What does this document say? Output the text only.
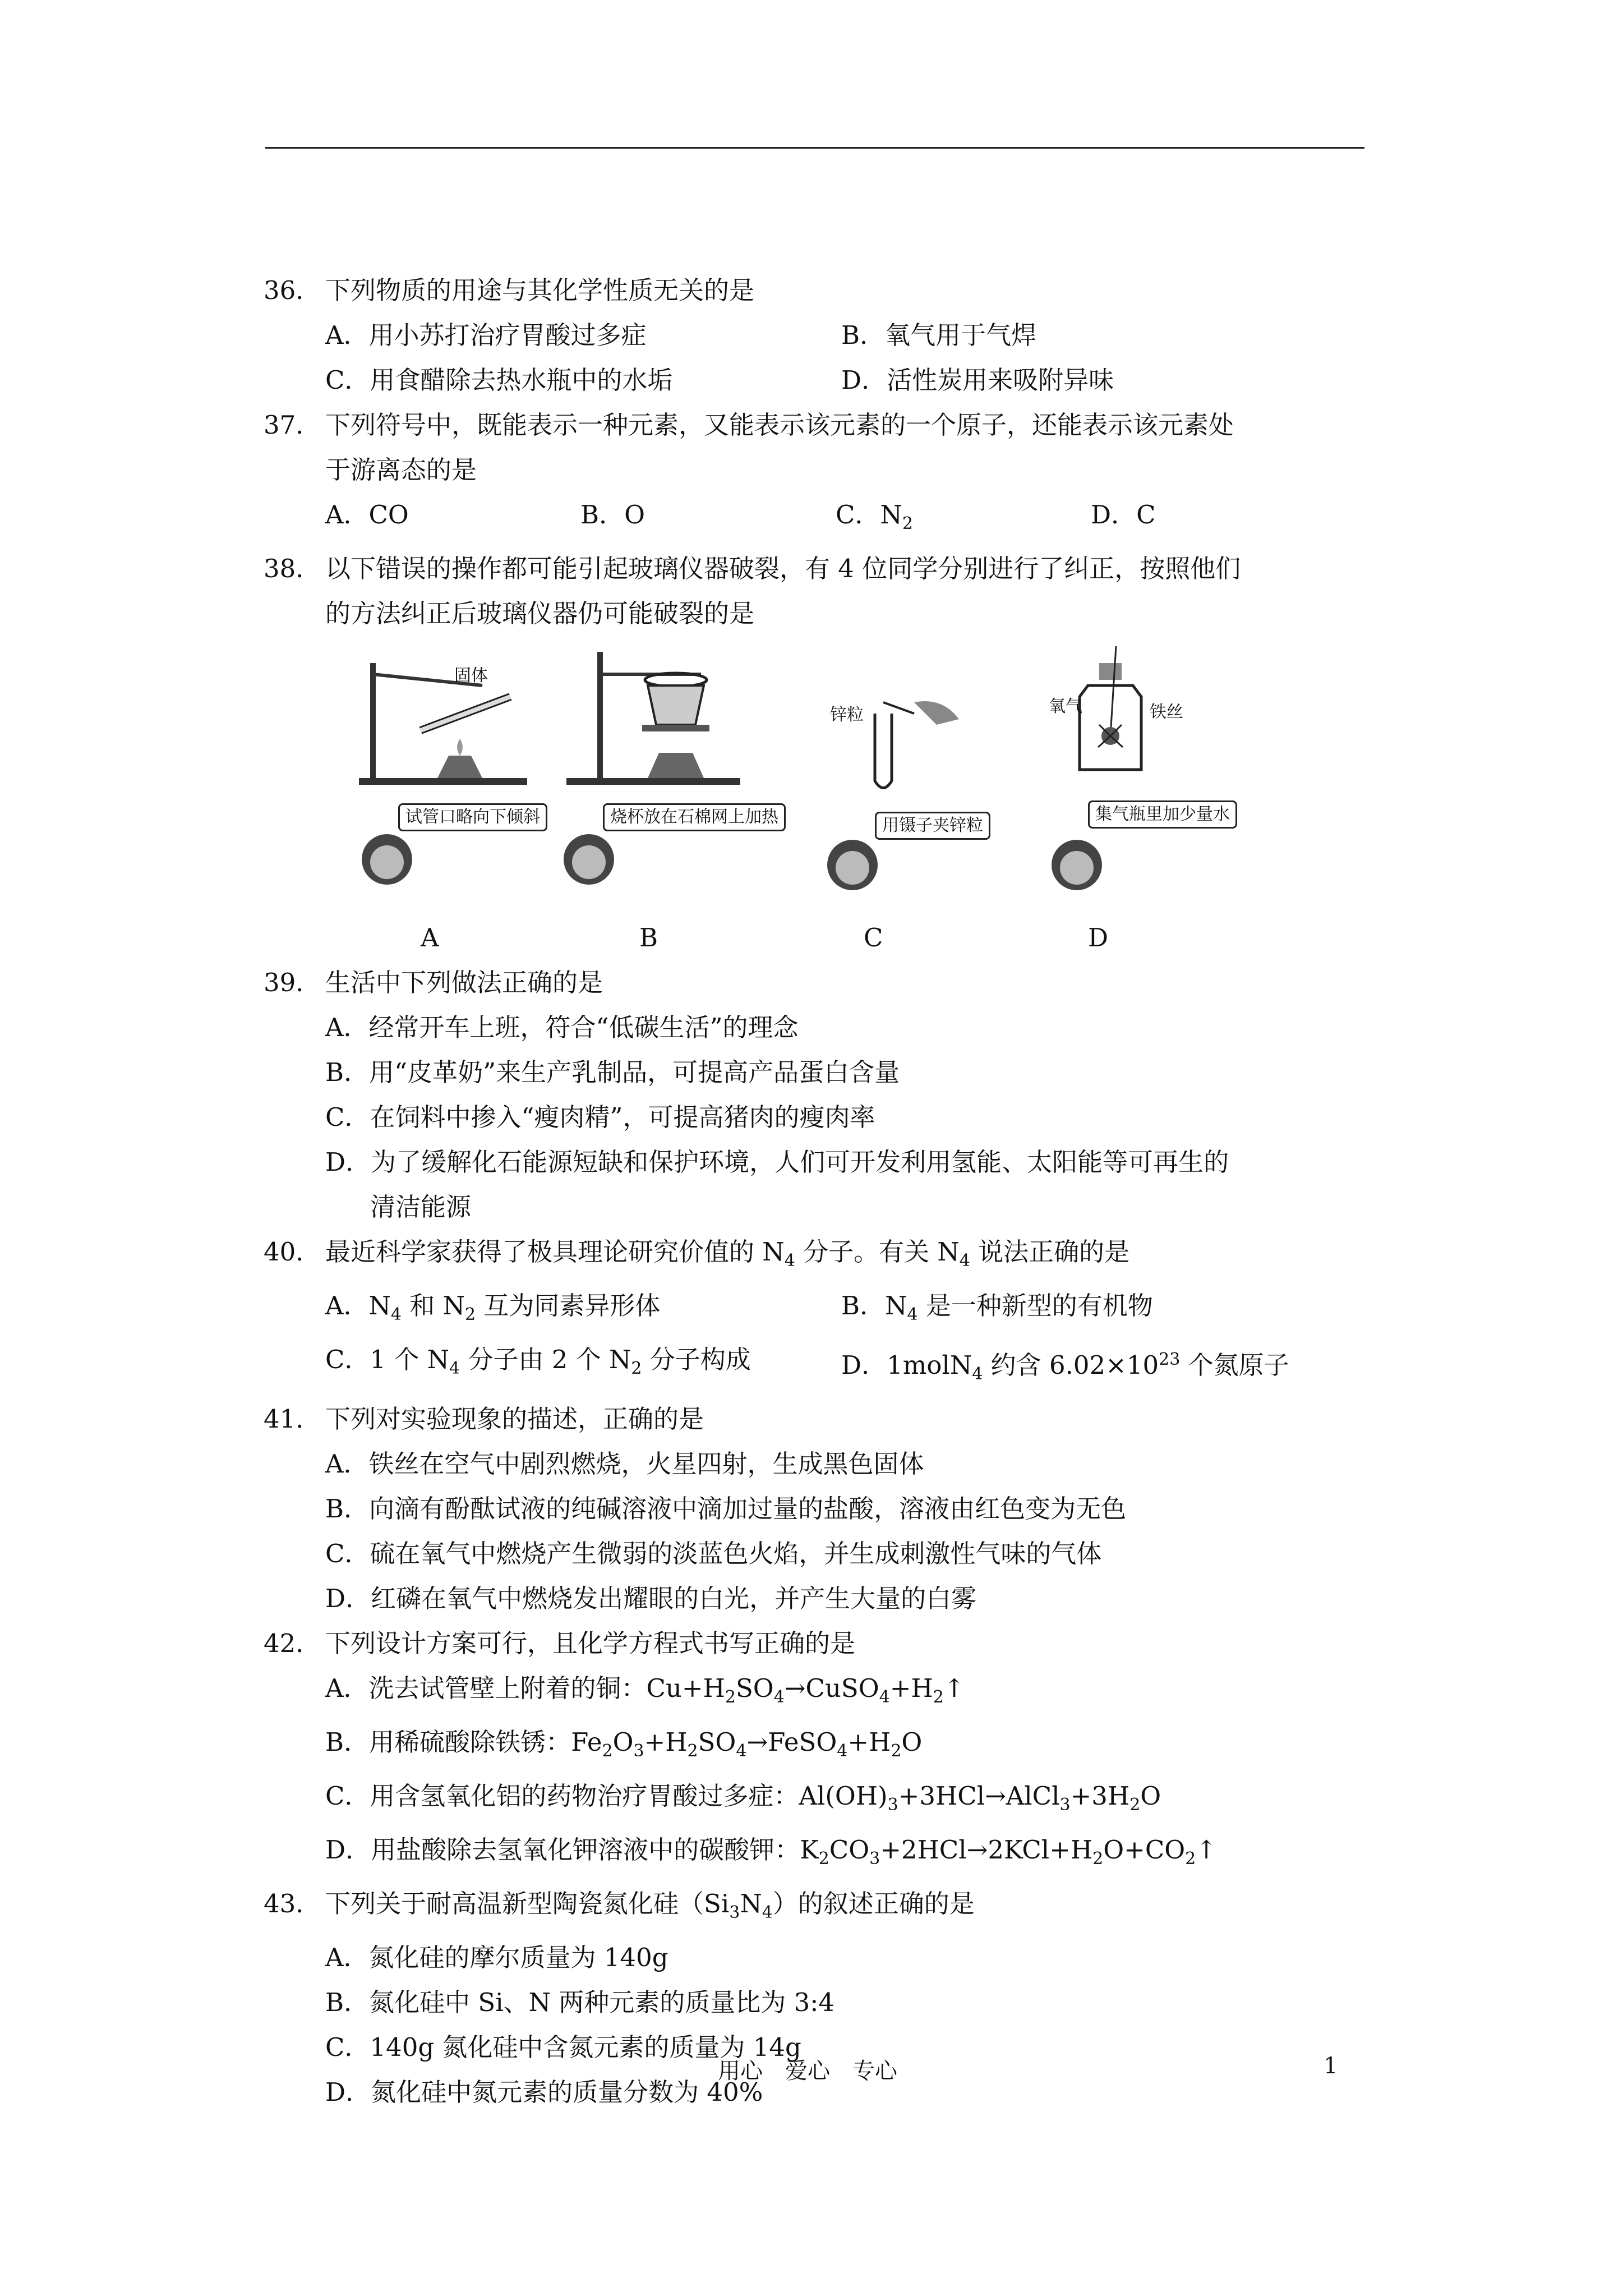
36． 下列物质的用途与其化学性质无关的是
A．用小苏打治疗胃酸过多症	B．氧气用于气焊
C．用食醋除去热水瓶中的水垢	D．活性炭用来吸附异味
37． 下列符号中，既能表示一种元素，又能表示该元素的一个原子，还能表示该元素处
于游离态的是
A．CO	B．O	C．$N_2$	D．C
38． 以下错误的操作都可能引起玻璃仪器破裂，有 4 位同学分别进行了纠正，按照他们
的方法纠正后玻璃仪器仍可能破裂的是
固体
试管口略向下倾斜
A
烧杯放在石棉网上加热
B
锌粒
用镊子夹锌粒
C
氧气	铁丝
集气瓶里加少量水
D
39． 生活中下列做法正确的是
A．经常开车上班，符合“低碳生活”的理念
B．用“皮革奶”来生产乳制品，可提高产品蛋白含量
C．在饲料中掺入“瘦肉精”，可提高猪肉的瘦肉率
D．为了缓解化石能源短缺和保护环境，人们可开发利用氢能、太阳能等可再生的
清洁能源
40． 最近科学家获得了极具理论研究价值的 $N_4$ 分子。有关 $N_4$ 说法正确的是
A．$N_4$ 和 $N_2$ 互为同素异形体	B．$N_4$ 是一种新型的有机物
C．1 个 $N_4$ 分子由 2 个 $N_2$ 分子构成	D．1molN$_4$ 约含 $6.02\times 10^{23}$ 个氮原子
41． 下列对实验现象的描述，正确的是
A．铁丝在空气中剧烈燃烧，火星四射，生成黑色固体
B．向滴有酚酞试液的纯碱溶液中滴加过量的盐酸，溶液由红色变为无色
C．硫在氧气中燃烧产生微弱的淡蓝色火焰，并生成刺激性气味的气体
D．红磷在氧气中燃烧发出耀眼的白光，并产生大量的白雾
42． 下列设计方案可行，且化学方程式书写正确的是
A．洗去试管壁上附着的铜：$Cu+H_2SO_4\to CuSO_4+H_2↑$
B．用稀硫酸除铁锈：$Fe_2O_3+H_2SO_4\to FeSO_4+H_2O$
C．用含氢氧化铝的药物治疗胃酸过多症：$Al(OH)_3+3HCl\to AlCl_3+3H_2O$
D．用盐酸除去氢氧化钾溶液中的碳酸钾：$K_2CO_3+2HCl\to 2KCl+H_2O+CO_2↑$
43． 下列关于耐高温新型陶瓷氮化硅$(Si_3N_4)$的叙述正确的是
A．氮化硅的摩尔质量为 140g
B．氮化硅中 Si、N 两种元素的质量比为 3:4
C．140g 氮化硅中含氮元素的质量为 14g
D．氮化硅中氮元素的质量分数为 40%
用心　爱心　专心	1
